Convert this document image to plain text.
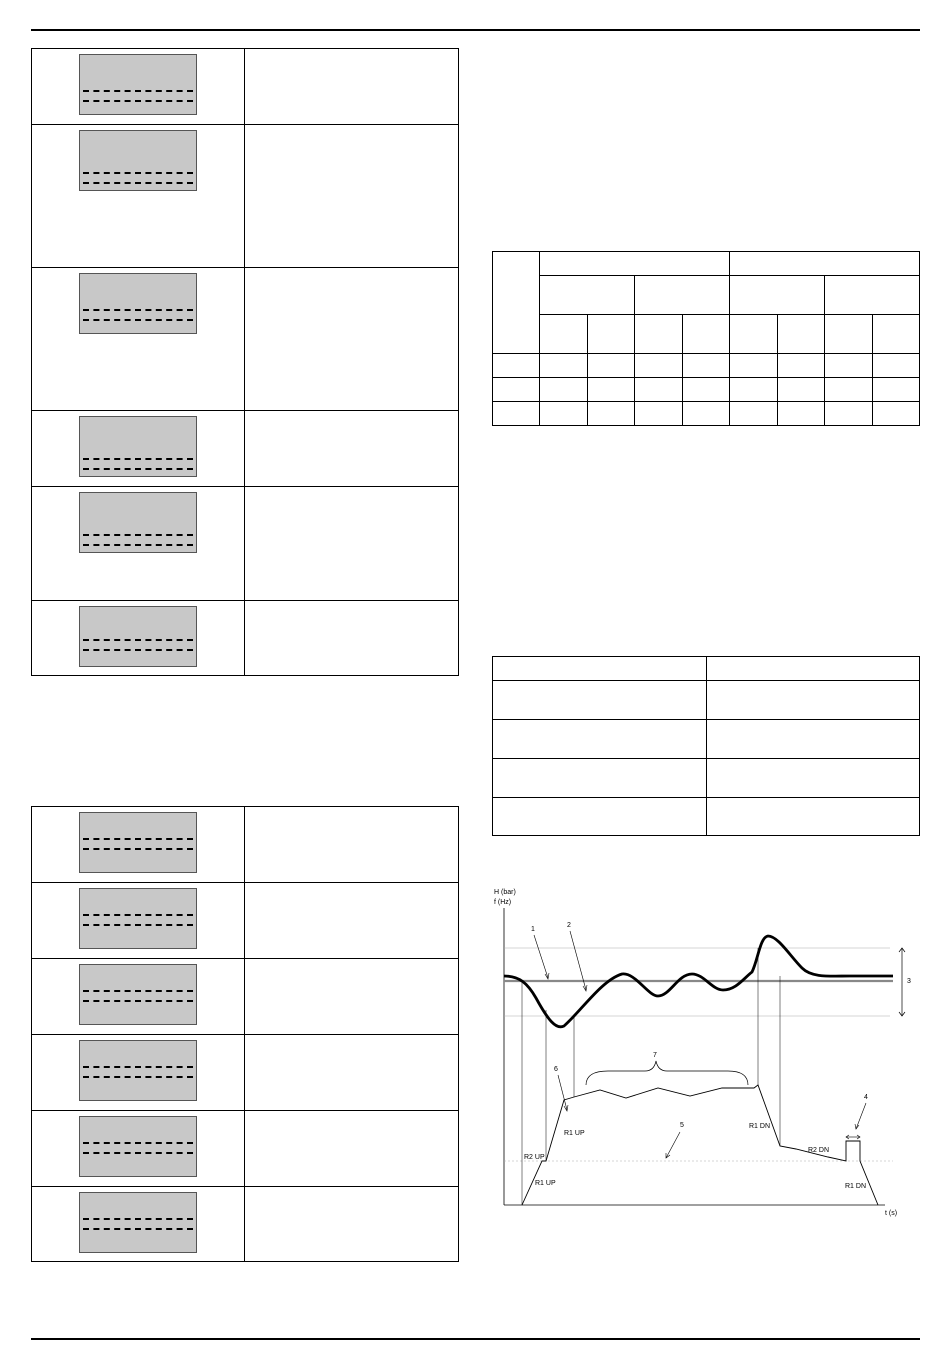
H (bar)
f (Hz)
t (s)
1
2
3
4
5
6
7
R2 UP
R1 UP
R1 UP
R1 DN
R2 DN
R1 DN
